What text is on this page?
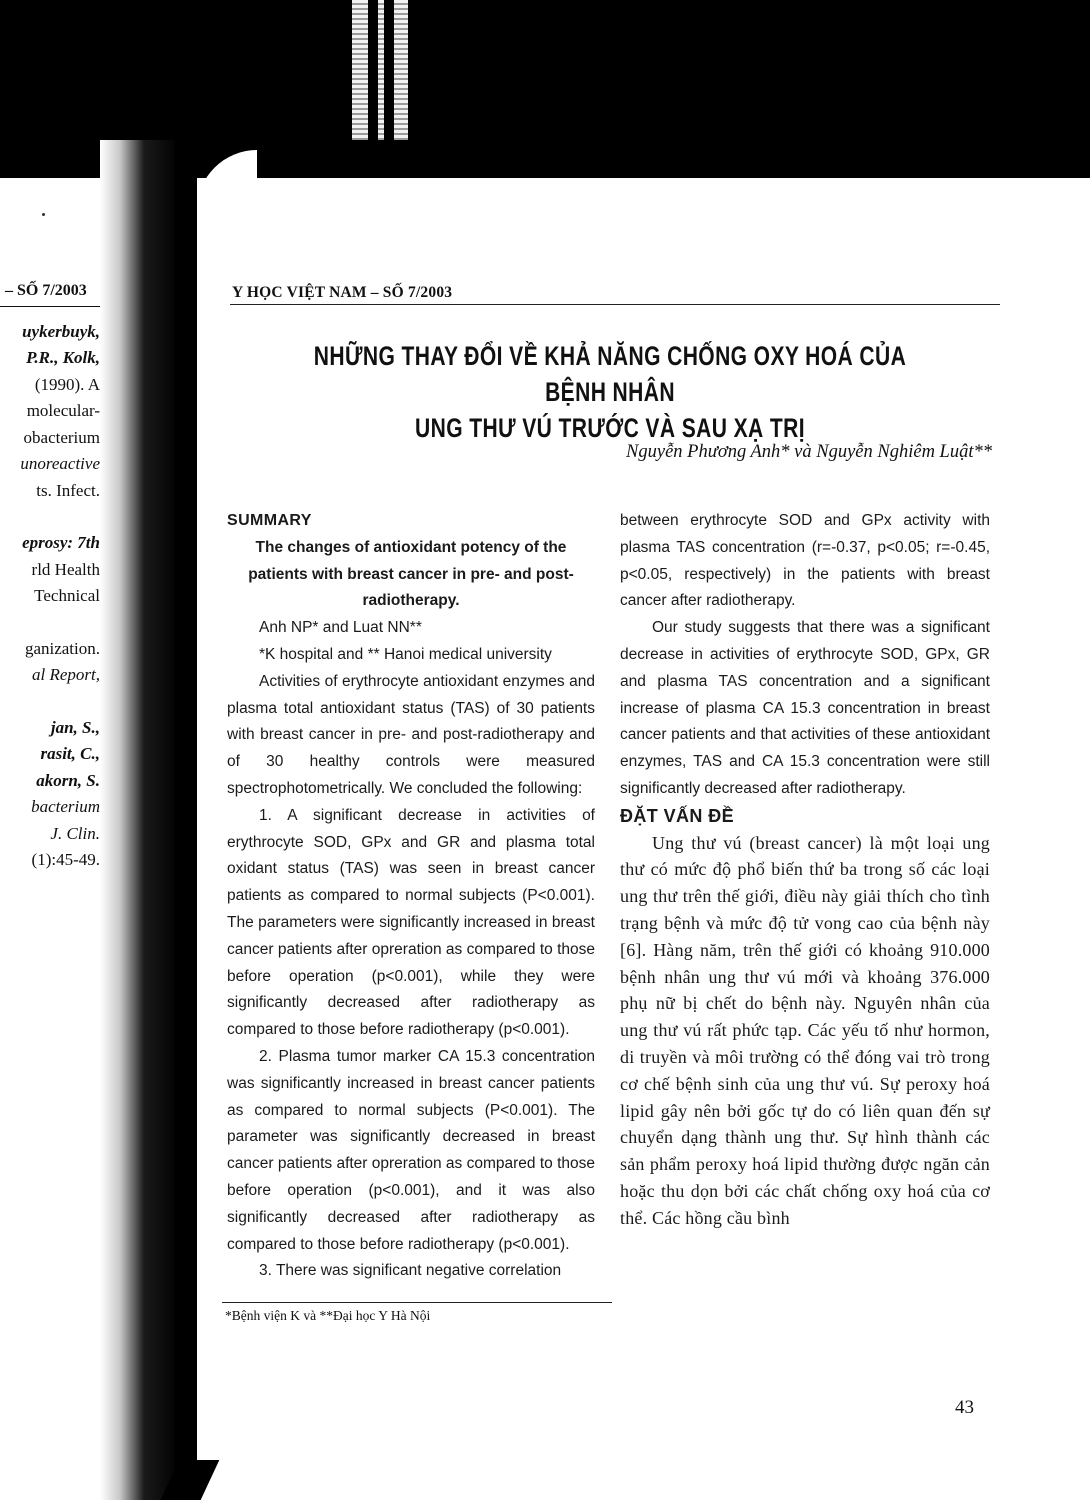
– SỐ 7/2003
uykerbuyk,
P.R., Kolk,
(1990). A
molecular-
obacterium
unoreactive
ts. Infect.
eprosy: 7th
rld Health
Technical
ganization.
al Report,
jan, S.,
rasit, C.,
akorn, S.
bacterium
J. Clin.
(1):45-49.
Y HỌC VIỆT NAM – SỐ 7/2003
NHỮNG THAY ĐỔI VỀ KHẢ NĂNG CHỐNG OXY HOÁ CỦA BỆNH NHÂN
UNG THƯ VÚ TRƯỚC VÀ SAU XẠ TRỊ
Nguyễn Phương Anh* và Nguyễn Nghiêm Luật**

SUMMARY

The changes of antioxidant potency of the patients with breast cancer in pre- and post-radiotherapy.

Anh NP* and Luat NN**

*K hospital and ** Hanoi medical university

Activities of erythrocyte antioxidant enzymes and plasma total antioxidant status (TAS) of 30 patients with breast cancer in pre- and post-radiotherapy and of 30 healthy controls were measured spectrophotometrically. We concluded the following:

1. A significant decrease in activities of erythrocyte SOD, GPx and GR and plasma total oxidant status (TAS) was seen in breast cancer patients as compared to normal subjects (P<0.001). The parameters were significantly increased in breast cancer patients after opreration as compared to those before operation (p<0.001), while they were significantly decreased after radiotherapy as compared to those before radiotherapy (p<0.001).

2. Plasma tumor marker CA 15.3 concentration was significantly increased in breast cancer patients as compared to normal subjects (P<0.001). The parameter was significantly decreased in breast cancer patients after opreration as compared to those before operation (p<0.001), and it was also significantly decreased after radiotherapy as compared to those before radiotherapy (p<0.001).

3. There was significant negative correlation

between erythrocyte SOD and GPx activity with plasma TAS concentration (r=-0.37, p<0.05; r=-0.45, p<0.05, respectively) in the patients with breast cancer after radiotherapy.

Our study suggests that there was a significant decrease in activities of erythrocyte SOD, GPx, GR and plasma TAS concentration and a significant increase of plasma CA 15.3 concentration in breast cancer patients and that activities of these antioxidant enzymes, TAS and CA 15.3 concentration were still significantly decreased after radiotherapy.

ĐẶT VẤN ĐỀ

Ung thư vú (breast cancer) là một loại ung thư có mức độ phổ biến thứ ba trong số các loại ung thư trên thế giới, điều này giải thích cho tình trạng bệnh và mức độ tử vong cao của bệnh này [6]. Hàng năm, trên thế giới có khoảng 910.000 bệnh nhân ung thư vú mới và khoảng 376.000 phụ nữ bị chết do bệnh này. Nguyên nhân của ung thư vú rất phức tạp. Các yếu tố như hormon, di truyền và môi trường có thể đóng vai trò trong cơ chế bệnh sinh của ung thư vú. Sự peroxy hoá lipid gây nên bởi gốc tự do có liên quan đến sự chuyển dạng thành ung thư. Sự hình thành các sản phẩm peroxy hoá lipid thường được ngăn cản hoặc thu dọn bởi các chất chống oxy hoá của cơ thể. Các hồng cầu bình

*Bệnh viện K và **Đại học Y Hà Nội
43
